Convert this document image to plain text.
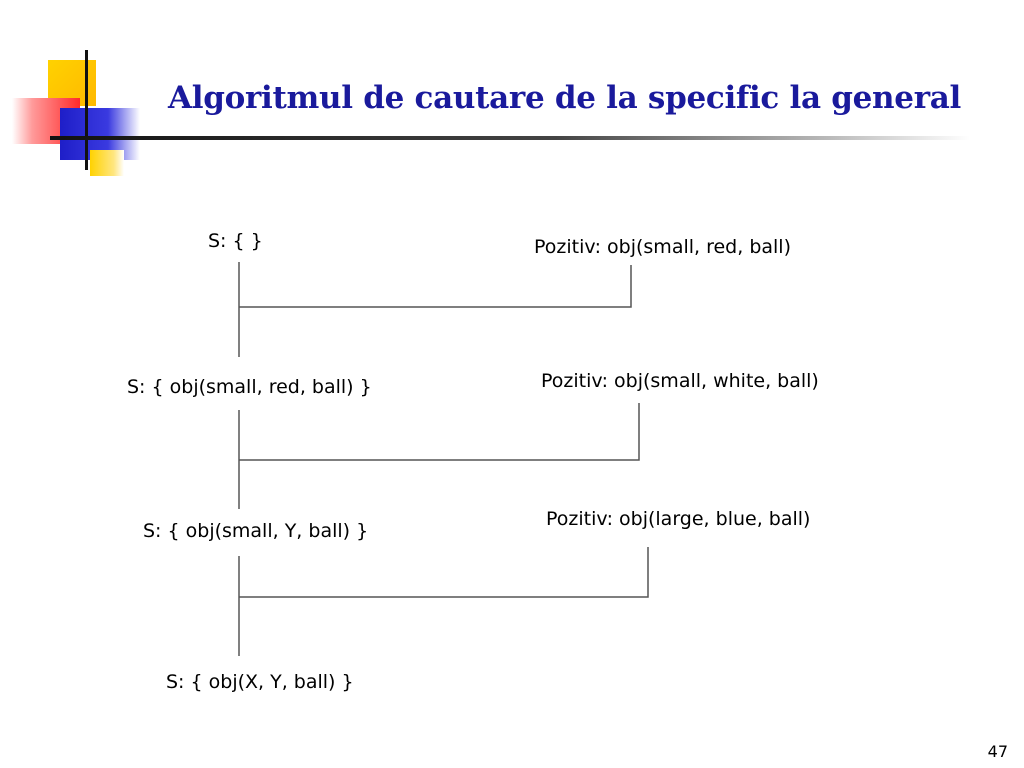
Algoritmul de cautare de la specific la general
S: { }
S: { obj(small, red, ball) }
S: { obj(small, Y, ball) }
S: { obj(X, Y, ball) }
Pozitiv: obj(small, red, ball)
Pozitiv: obj(small, white, ball)
Pozitiv: obj(large, blue, ball)
47
